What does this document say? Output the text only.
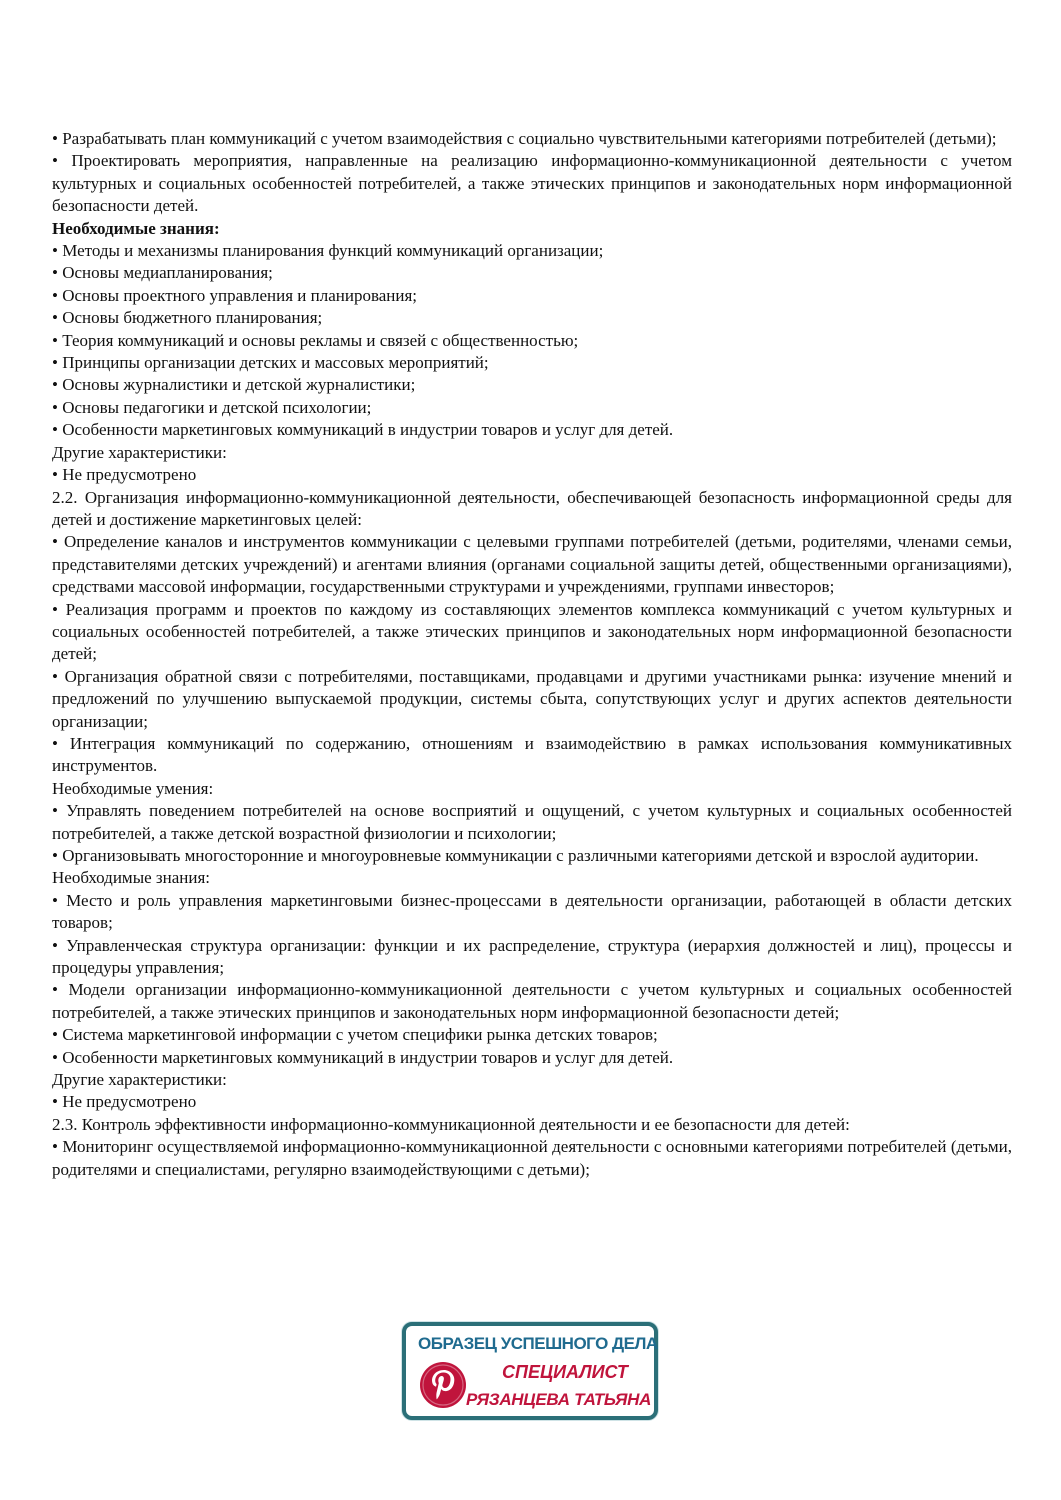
• Разрабатывать план коммуникаций с учетом взаимодействия с социально чувствительными категориями потребителей (детьми);

• Проектировать мероприятия, направленные на реализацию информационно-коммуникационной деятельности с учетом культурных и социальных особенностей потребителей, а также этических принципов и законодательных норм информационной безопасности детей.

Необходимые знания:

• Методы и механизмы планирования функций коммуникаций организации;

• Основы медиапланирования;

• Основы проектного управления и планирования;

• Основы бюджетного планирования;

• Теория коммуникаций и основы рекламы и связей с общественностью;

• Принципы организации детских и массовых мероприятий;

• Основы журналистики и детской журналистики;

• Основы педагогики и детской психологии;

• Особенности маркетинговых коммуникаций в индустрии товаров и услуг для детей.

Другие характеристики:

• Не предусмотрено

2.2. Организация информационно-коммуникационной деятельности, обеспечивающей безопасность информационной среды для детей и достижение маркетинговых целей:

• Определение каналов и инструментов коммуникации с целевыми группами потребителей (детьми, родителями, членами семьи, представителями детских учреждений) и агентами влияния (органами социальной защиты детей, общественными организациями), средствами массовой информации, государственными структурами и учреждениями, группами инвесторов;

• Реализация программ и проектов по каждому из составляющих элементов комплекса коммуникаций с учетом культурных и социальных особенностей потребителей, а также этических принципов и законодательных норм информационной безопасности детей;

• Организация обратной связи с потребителями, поставщиками, продавцами и другими участниками рынка: изучение мнений и предложений по улучшению выпускаемой продукции, системы сбыта, сопутствующих услуг и других аспектов деятельности организации;

• Интеграция коммуникаций по содержанию, отношениям и взаимодействию в рамках использования коммуникативных инструментов.

Необходимые умения:

• Управлять поведением потребителей на основе восприятий и ощущений, с учетом культурных и социальных особенностей потребителей, а также детской возрастной физиологии и психологии;

• Организовывать многосторонние и многоуровневые коммуникации с различными категориями детской и взрослой аудитории.

Необходимые знания:

• Место и роль управления маркетинговыми бизнес-процессами в деятельности организации, работающей в области детских товаров;

• Управленческая структура организации: функции и их распределение, структура (иерархия должностей и лиц), процессы и процедуры управления;

• Модели организации информационно-коммуникационной деятельности с учетом культурных и социальных особенностей потребителей, а также этических принципов и законодательных норм информационной безопасности детей;

• Система маркетинговой информации с учетом специфики рынка детских товаров;

• Особенности маркетинговых коммуникаций в индустрии товаров и услуг для детей.

Другие характеристики:

• Не предусмотрено

2.3. Контроль эффективности информационно-коммуникационной деятельности и ее безопасности для детей:

• Мониторинг осуществляемой информационно-коммуникационной деятельности с основными категориями потребителей (детьми, родителями и специалистами, регулярно взаимодействующими с детьми);

ОБРАЗЕЦ УСПЕШНОГО ДЕЛА
СПЕЦИАЛИСТ
РЯЗАНЦЕВА ТАТЬЯНА
